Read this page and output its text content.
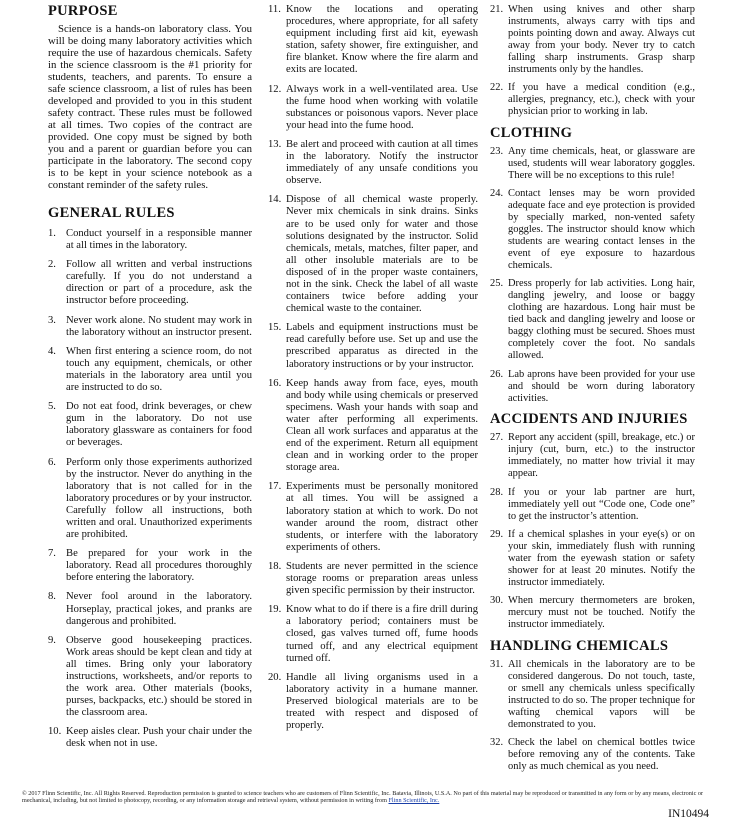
PURPOSE

Science is a hands-on laboratory class. You will be doing many laboratory activities which require the use of hazardous chemicals. Safety in the science classroom is the #1 priority for students, teachers, and parents. To ensure a safe science classroom, a list of rules has been developed and provided to you in this student safety contract. These rules must be followed at all times. Two copies of the contract are provided. One copy must be signed by both you and a parent or guardian before you can participate in the laboratory. The second copy is to be kept in your science notebook as a constant reminder of the safety rules.

GENERAL RULES
1. Conduct yourself in a responsible manner at all times in the laboratory.
2. Follow all written and verbal instructions carefully. If you do not understand a direction or part of a procedure, ask the instructor before proceeding.
3. Never work alone. No student may work in the laboratory without an instructor present.
4. When first entering a science room, do not touch any equipment, chemicals, or other materials in the laboratory area until you are instructed to do so.
5. Do not eat food, drink beverages, or chew gum in the laboratory. Do not use laboratory glassware as containers for food or beverages.
6. Perform only those experiments authorized by the instructor. Never do anything in the laboratory that is not called for in the laboratory procedures or by your instructor. Carefully follow all instructions, both written and oral. Unauthorized experiments are prohibited.
7. Be prepared for your work in the laboratory. Read all procedures thoroughly before entering the laboratory.
8. Never fool around in the laboratory. Horseplay, practical jokes, and pranks are dangerous and prohibited.
9. Observe good housekeeping practices. Work areas should be kept clean and tidy at all times. Bring only your laboratory instructions, worksheets, and/or reports to the work area. Other materials (books, purses, backpacks, etc.) should be stored in the classroom area.
10. Keep aisles clear. Push your chair under the desk when not in use.
11. Know the locations and operating procedures, where appropriate, for all safety equipment including first aid kit, eyewash station, safety shower, fire extinguisher, and fire blanket. Know where the fire alarm and exits are located.
12. Always work in a well-ventilated area. Use the fume hood when working with volatile substances or poisonous vapors. Never place your head into the fume hood.
13. Be alert and proceed with caution at all times in the laboratory. Notify the instructor immediately of any unsafe conditions you observe.
14. Dispose of all chemical waste properly. Never mix chemicals in sink drains. Sinks are to be used only for water and those solutions designated by the instructor. Solid chemicals, metals, matches, filter paper, and all other insoluble materials are to be disposed of in the proper waste containers, not in the sink. Check the label of all waste containers twice before adding your chemical waste to the container.
15. Labels and equipment instructions must be read carefully before use. Set up and use the prescribed apparatus as directed in the laboratory instructions or by your instructor.
16. Keep hands away from face, eyes, mouth and body while using chemicals or preserved specimens. Wash your hands with soap and water after performing all experiments. Clean all work surfaces and apparatus at the end of the experiment. Return all equipment clean and in working order to the proper storage area.
17. Experiments must be personally monitored at all times. You will be assigned a laboratory station at which to work. Do not wander around the room, distract other students, or interfere with the laboratory experiments of others.
18. Students are never permitted in the science storage rooms or preparation areas unless given specific permission by their instructor.
19. Know what to do if there is a fire drill during a laboratory period; containers must be closed, gas valves turned off, fume hoods turned off, and any electrical equipment turned off.
20. Handle all living organisms used in a laboratory activity in a humane manner. Preserved biological materials are to be treated with respect and disposed of properly.
21. When using knives and other sharp instruments, always carry with tips and points pointing down and away. Always cut away from your body. Never try to catch falling sharp instruments. Grasp sharp instruments only by the handles.
22. If you have a medical condition (e.g., allergies, pregnancy, etc.), check with your physician prior to working in lab.
CLOTHING
23. Any time chemicals, heat, or glassware are used, students will wear laboratory goggles. There will be no exceptions to this rule!
24. Contact lenses may be worn provided adequate face and eye protection is provided by specially marked, non-vented safety goggles. The instructor should know which students are wearing contact lenses in the event of eye exposure to hazardous chemicals.
25. Dress properly for lab activities. Long hair, dangling jewelry, and loose or baggy clothing are hazardous. Long hair must be tied back and dangling jewelry and loose or baggy clothing must be secured. Shoes must completely cover the foot. No sandals allowed.
26. Lab aprons have been provided for your use and should be worn during laboratory activities.
ACCIDENTS AND INJURIES
27. Report any accident (spill, breakage, etc.) or injury (cut, burn, etc.) to the instructor immediately, no matter how trivial it may appear.
28. If you or your lab partner are hurt, immediately yell out “Code one, Code one” to get the instructor’s attention.
29. If a chemical splashes in your eye(s) or on your skin, immediately flush with running water from the eyewash station or safety shower for at least 20 minutes. Notify the instructor immediately.
30. When mercury thermometers are broken, mercury must not be touched. Notify the instructor immediately.
HANDLING CHEMICALS
31. All chemicals in the laboratory are to be considered dangerous. Do not touch, taste, or smell any chemicals unless specifically instructed to do so. The proper technique for wafting chemical vapors will be demonstrated to you.
32. Check the label on chemical bottles twice before removing any of the contents. Take only as much chemical as you need.
© 2017 Flinn Scientific, Inc. All Rights Reserved. Reproduction permission is granted to science teachers who are customers of Flinn Scientific, Inc. Batavia, Illinois, U.S.A. No part of this material may be reproduced or transmitted in any form or by any means, electronic or mechanical, including, but not limited to photocopy, recording, or any information storage and retrieval system, without permission in writing from Flinn Scientific, Inc.
IN10494
